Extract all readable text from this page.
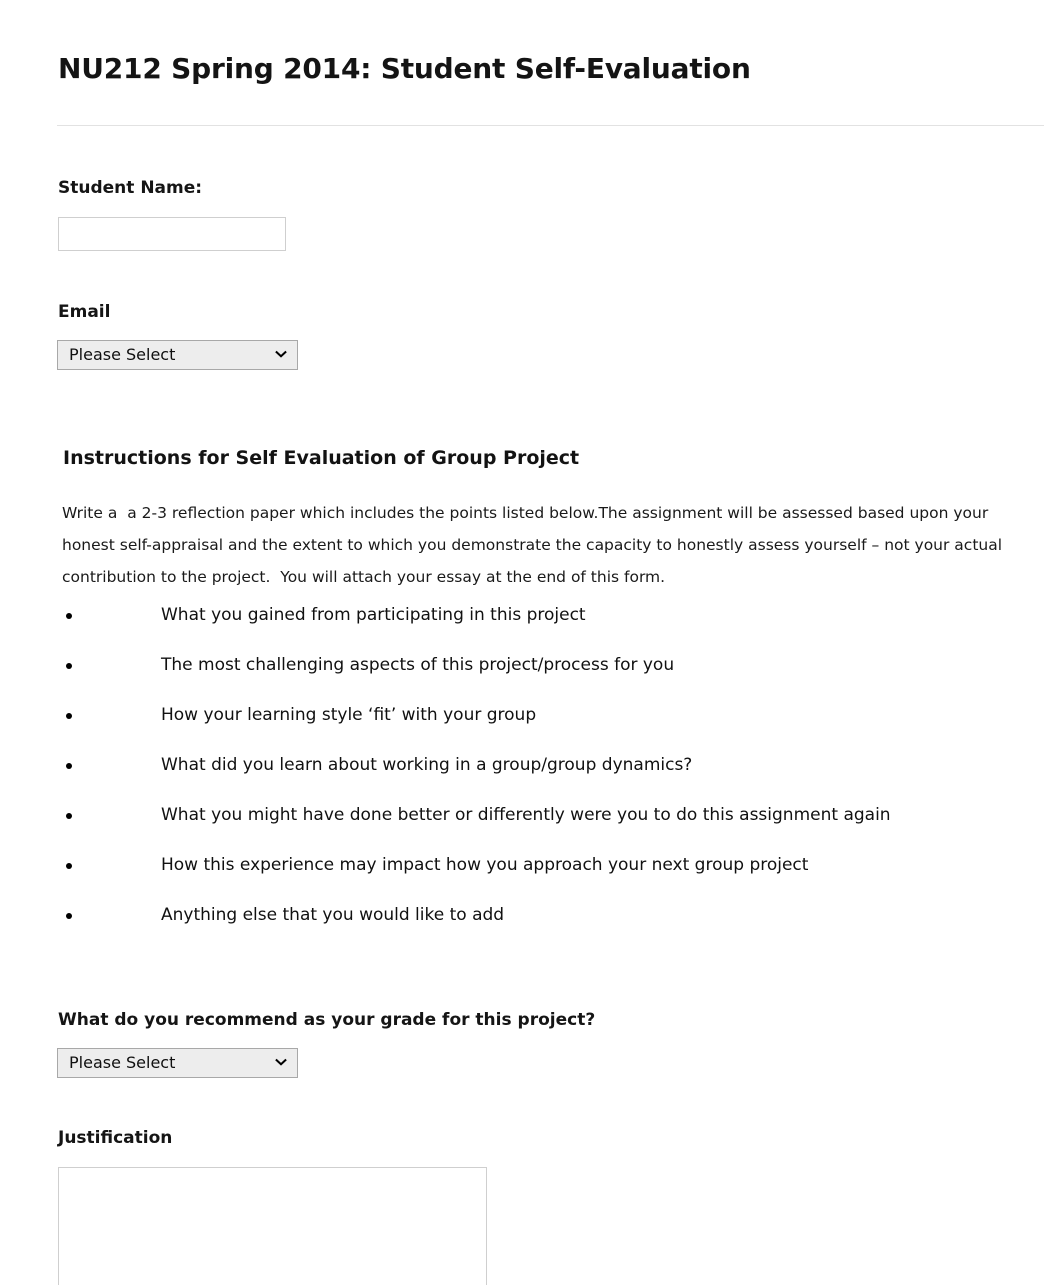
NU212 Spring 2014: Student Self-Evaluation
Student Name:
Email
Please Select
Instructions for Self Evaluation of Group Project
Write a  a 2-3 reflection paper which includes the points listed below.The assignment will be assessed based upon your honest self-appraisal and the extent to which you demonstrate the capacity to honestly assess yourself – not your actual contribution to the project.  You will attach your essay at the end of this form.
What you gained from participating in this project
The most challenging aspects of this project/process for you
How your learning style ‘fit’ with your group
What did you learn about working in a group/group dynamics?
What you might have done better or differently were you to do this assignment again
How this experience may impact how you approach your next group project
Anything else that you would like to add
What do you recommend as your grade for this project?
Please Select
Justification
